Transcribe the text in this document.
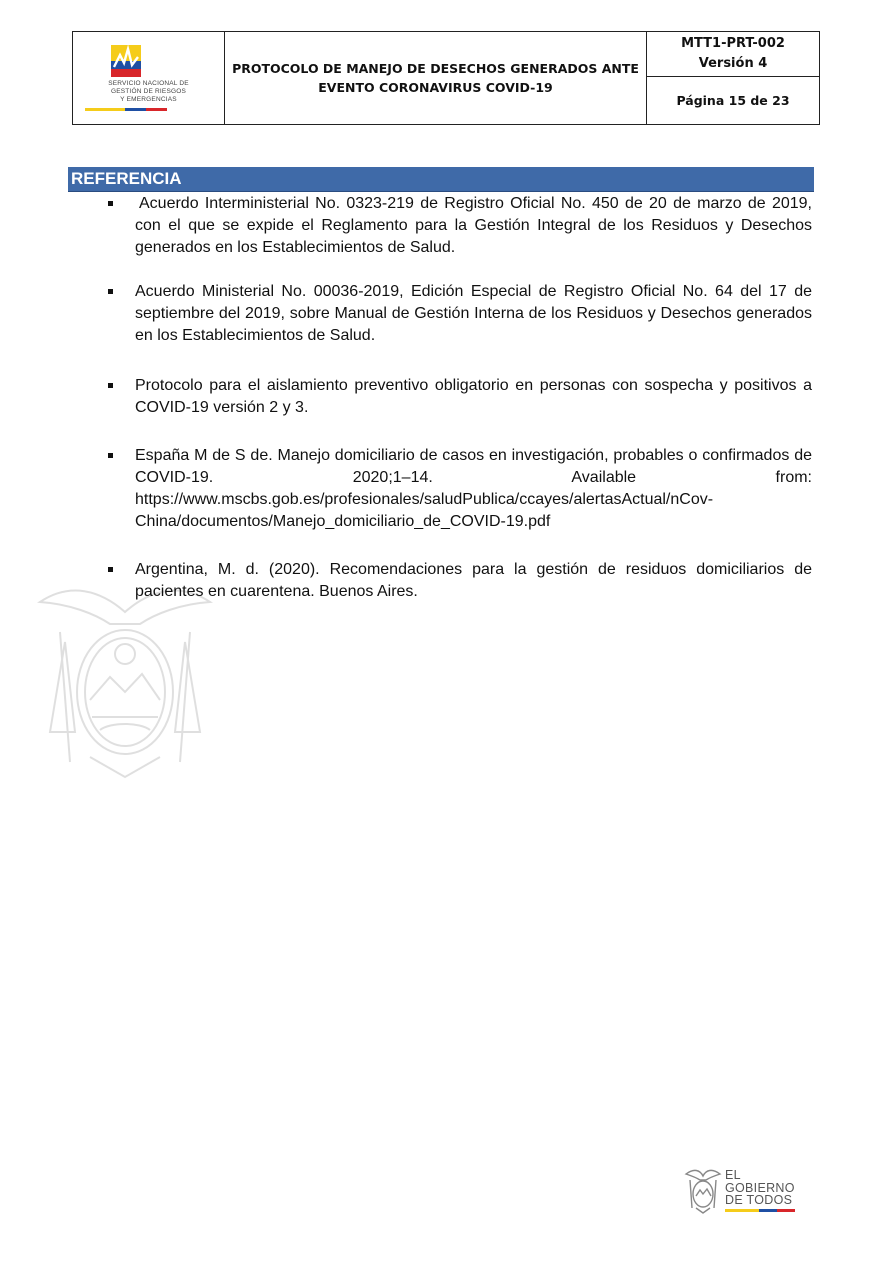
SERVICIO NACIONAL DE
GESTIÓN DE RIESGOS
Y EMERGENCIAS
PROTOCOLO DE MANEJO DE DESECHOS GENERADOS ANTE
EVENTO CORONAVIRUS COVID-19
MTT1-PRT-002
Versión 4
Página 15 de 23
REFERENCIA
Acuerdo Interministerial No. 0323-219 de Registro Oficial No. 450 de 20 de marzo de 2019, con el que se expide el Reglamento para la Gestión Integral de los Residuos y Desechos generados en los Establecimientos de Salud.
Acuerdo Ministerial No. 00036-2019, Edición Especial de Registro Oficial No. 64 del 17 de septiembre del 2019, sobre Manual de Gestión Interna de los Residuos y Desechos generados en los Establecimientos de Salud.
Protocolo para el aislamiento preventivo obligatorio en personas con sospecha y positivos a COVID-19 versión 2 y 3.
España M de S de. Manejo domiciliario de casos en investigación, probables o confirmados de COVID-19. 2020;1–14. Available from:
https://www.mscbs.gob.es/profesionales/saludPublica/ccayes/alertasActual/nCov-China/documentos/Manejo_domiciliario_de_COVID-19.pdf
Argentina, M. d. (2020). Recomendaciones para la gestión de residuos domiciliarios de pacientes en cuarentena. Buenos Aires.
EL
GOBIERNO
DE TODOS
